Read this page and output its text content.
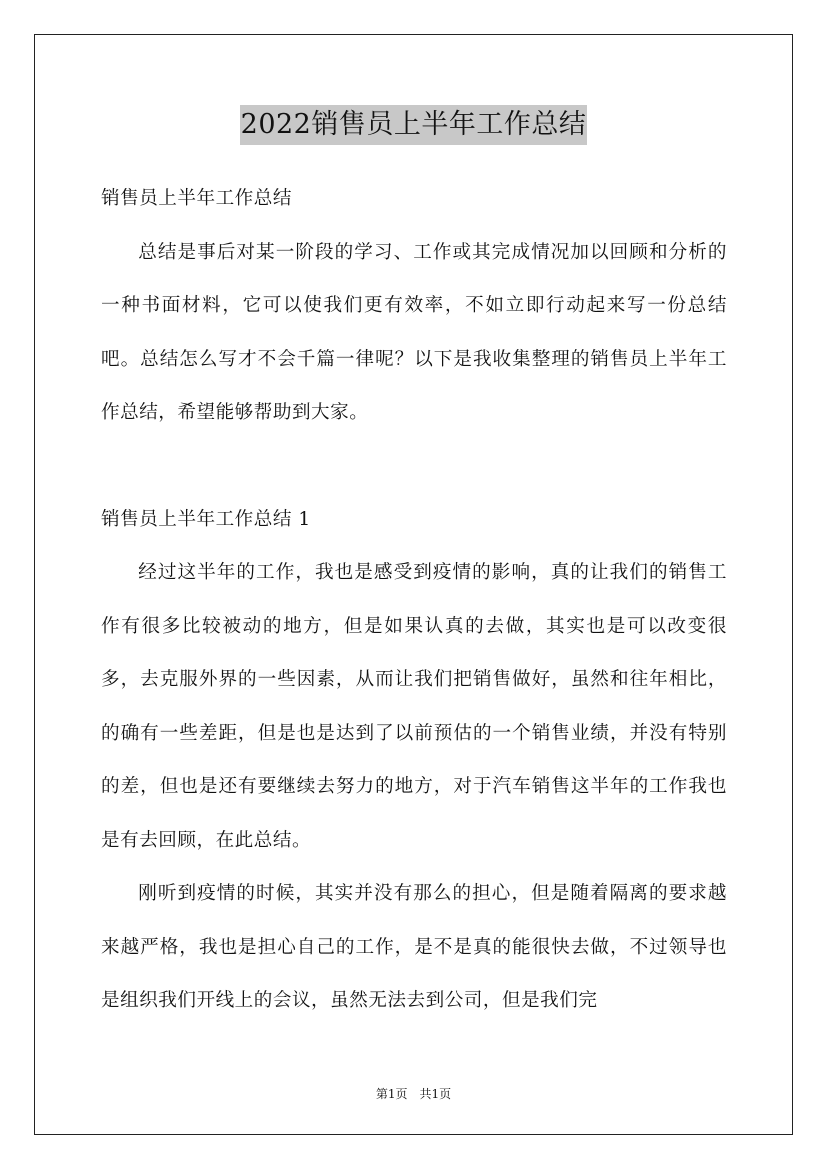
2022销售员上半年工作总结

销售员上半年工作总结

总结是事后对某一阶段的学习、工作或其完成情况加以回顾和分析的一种书面材料，它可以使我们更有效率，不如立即行动起来写一份总结吧。总结怎么写才不会千篇一律呢？以下是我收集整理的销售员上半年工作总结，希望能够帮助到大家。

销售员上半年工作总结 1

经过这半年的工作，我也是感受到疫情的影响，真的让我们的销售工作有很多比较被动的地方，但是如果认真的去做，其实也是可以改变很多，去克服外界的一些因素，从而让我们把销售做好，虽然和往年相比，的确有一些差距，但是也是达到了以前预估的一个销售业绩，并没有特别的差，但也是还有要继续去努力的地方，对于汽车销售这半年的工作我也是有去回顾，在此总结。

刚听到疫情的时候，其实并没有那么的担心，但是随着隔离的要求越来越严格，我也是担心自己的工作，是不是真的能很快去做，不过领导也是组织我们开线上的会议，虽然无法去到公司，但是我们完

第1页 共1页
